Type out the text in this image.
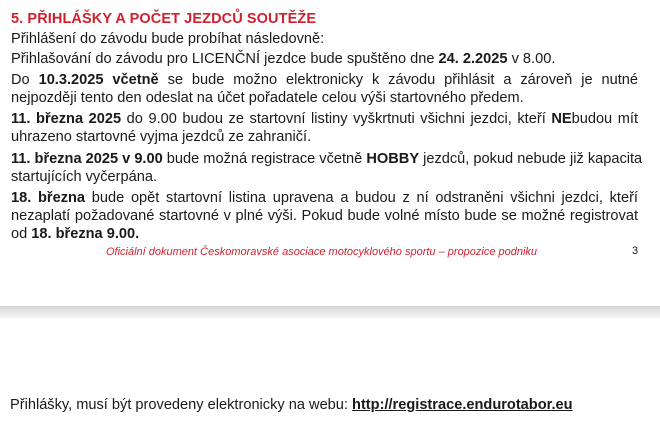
5. PŘIHLÁŠKY A POČET JEZDCŮ SOUTĚŽE
Přihlášení do závodu bude probíhat následovně:
Přihlašování do závodu pro LICENČNÍ jezdce bude spuštěno dne 24. 2.2025 v 8.00.
Do 10.3.2025 včetně se bude možno elektronicky k závodu přihlásit a zároveň je nutné
nejpozději tento den odeslat na účet pořadatele celou výši startovného předem.
11. března 2025 do 9.00 budou ze startovní listiny vyškrtnuti všichni jezdci, kteří NEbudou mít
uhrazeno startovné vyjma jezdců ze zahraničí.
11. března 2025 v 9.00 bude možná registrace včetně HOBBY jezdců, pokud nebude již kapacita
startujících vyčerpána.
18. března bude opět startovní listina upravena a budou z ní odstraněni všichni jezdci, kteří
nezaplatí požadované startovné v plné výši. Pokud bude volné místo bude se možné registrovat
od 18. března 9.00.
Oficiální dokument Českomoravské asociace motocyklového sportu – propozice podniku	3
Přihlášky, musí být provedeny elektronicky na webu: http://registrace.endurotabor.eu
